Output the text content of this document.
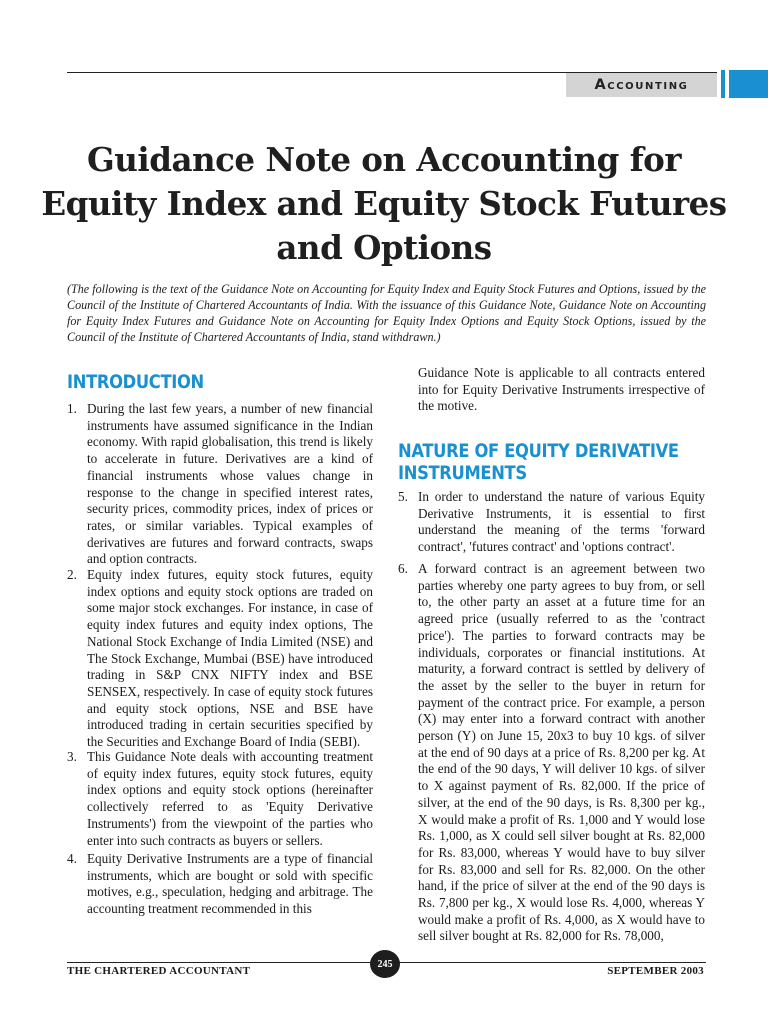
Accounting
Guidance Note on Accounting for Equity Index and Equity Stock Futures and Options

(The following is the text of the Guidance Note on Accounting for Equity Index and Equity Stock Futures and Options, issued by the Council of the Institute of Chartered Accountants of India. With the issuance of this Guidance Note, Guidance Note on Accounting for Equity Index Futures and Guidance Note on Accounting for Equity Index Options and Equity Stock Options, issued by the Council of the Institute of Chartered Accountants of India, stand withdrawn.)

INTRODUCTION
1. During the last few years, a number of new financial instruments have assumed significance in the Indian economy. With rapid globalisation, this trend is likely to accelerate in future. Derivatives are a kind of financial instruments whose values change in response to the change in specified interest rates, security prices, commodity prices, index of prices or rates, or similar variables. Typical examples of derivatives are futures and forward contracts, swaps and option contracts.
2. Equity index futures, equity stock futures, equity index options and equity stock options are traded on some major stock exchanges. For instance, in case of equity index futures and equity index options, The National Stock Exchange of India Limited (NSE) and The Stock Exchange, Mumbai (BSE) have introduced trading in S&P CNX NIFTY index and BSE SENSEX, respectively. In case of equity stock futures and equity stock options, NSE and BSE have introduced trading in certain securities specified by the Securities and Exchange Board of India (SEBI).
3. This Guidance Note deals with accounting treatment of equity index futures, equity stock futures, equity index options and equity stock options (hereinafter collectively referred to as 'Equity Derivative Instruments') from the viewpoint of the parties who enter into such contracts as buyers or sellers.
4. Equity Derivative Instruments are a type of financial instruments, which are bought or sold with specific motives, e.g., speculation, hedging and arbitrage. The accounting treatment recommended in this

Guidance Note is applicable to all contracts entered into for Equity Derivative Instruments irrespective of the motive.

NATURE OF EQUITY DERIVATIVE
INSTRUMENTS
5. In order to understand the nature of various Equity Derivative Instruments, it is essential to first understand the meaning of the terms 'forward contract', 'futures contract' and 'options contract'.
6. A forward contract is an agreement between two parties whereby one party agrees to buy from, or sell to, the other party an asset at a future time for an agreed price (usually referred to as the 'contract price'). The parties to forward contracts may be individuals, corporates or financial institutions. At maturity, a forward contract is settled by delivery of the asset by the seller to the buyer in return for payment of the contract price. For example, a person (X) may enter into a forward contract with another person (Y) on June 15, 20x3 to buy 10 kgs. of silver at the end of 90 days at a price of Rs. 8,200 per kg. At the end of the 90 days, Y will deliver 10 kgs. of silver to X against payment of Rs. 82,000. If the price of silver, at the end of the 90 days, is Rs. 8,300 per kg., X would make a profit of Rs. 1,000 and Y would lose Rs. 1,000, as X could sell silver bought at Rs. 82,000 for Rs. 83,000, whereas Y would have to buy silver for Rs. 83,000 and sell for Rs. 82,000. On the other hand, if the price of silver at the end of the 90 days is Rs. 7,800 per kg., X would lose Rs. 4,000, whereas Y would make a profit of Rs. 4,000, as X would have to sell silver bought at Rs. 82,000 for Rs. 78,000,
THE CHARTERED ACCOUNTANT
245
SEPTEMBER 2003
